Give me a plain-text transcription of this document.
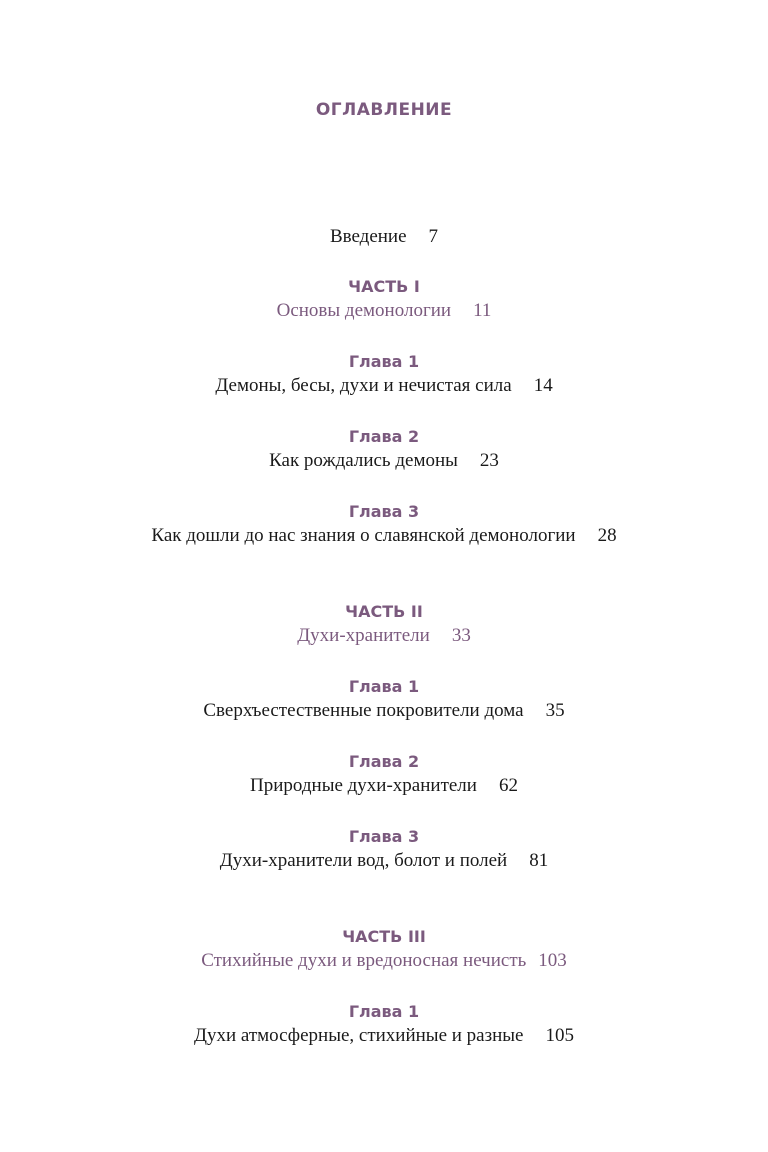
ОГЛАВЛЕНИЕ
Введение 7
ЧАСТЬ I
Основы демонологии 11
Глава 1
Демоны, бесы, духи и нечистая сила 14
Глава 2
Как рождались демоны 23
Глава 3
Как дошли до нас знания о славянской демонологии 28
ЧАСТЬ II
Духи-хранители 33
Глава 1
Сверхъестественные покровители дома 35
Глава 2
Природные духи-хранители 62
Глава 3
Духи-хранители вод, болот и полей 81
ЧАСТЬ III
Стихийные духи и вредоносная нечисть 103
Глава 1
Духи атмосферные, стихийные и разные 105
